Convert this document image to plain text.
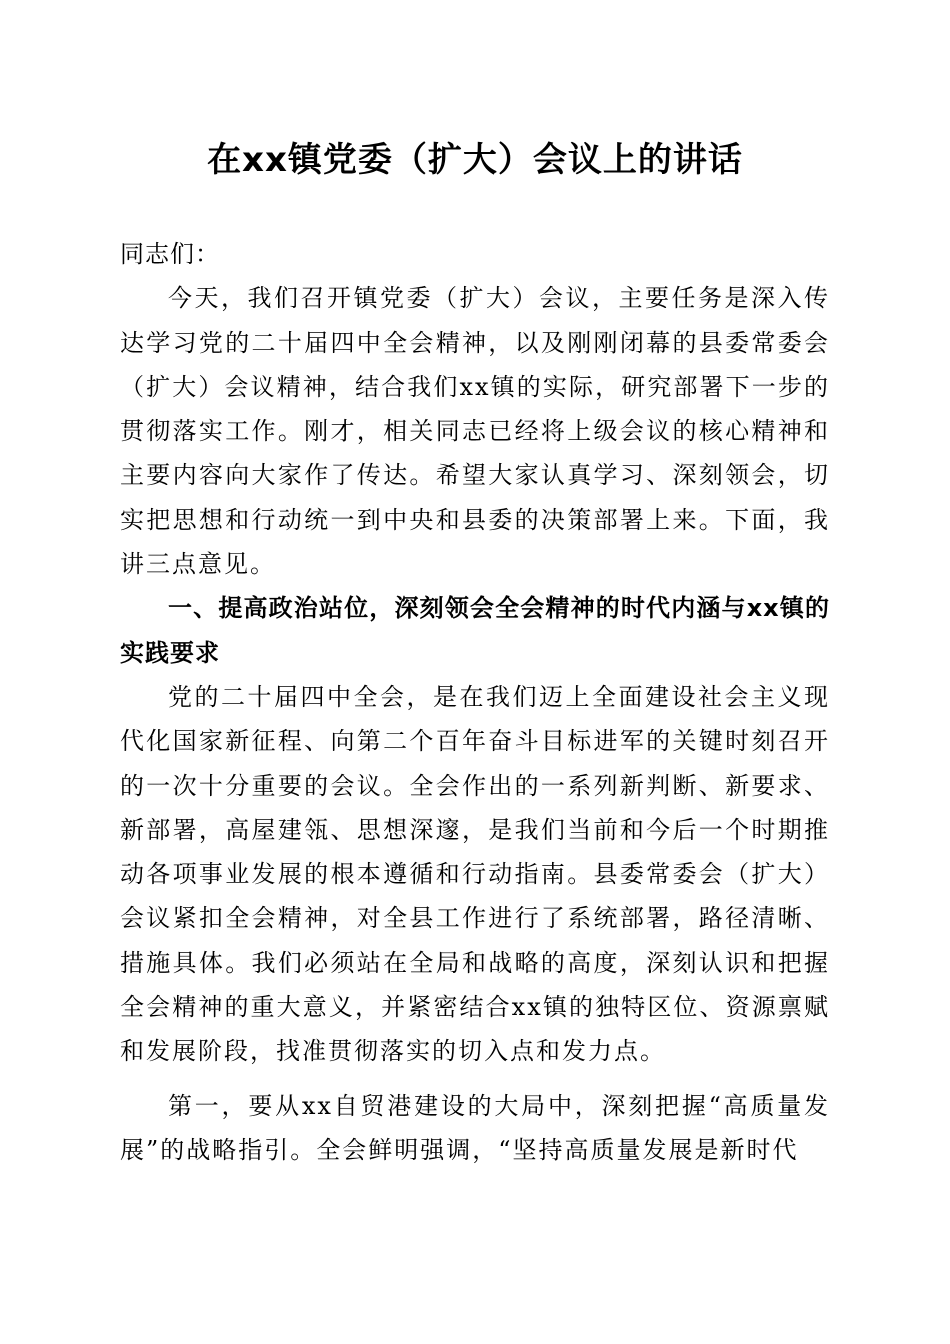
在xx镇党委（扩大）会议上的讲话

同志们：

今天，我们召开镇党委（扩大）会议，主要任务是深入传达学习党的二十届四中全会精神，以及刚刚闭幕的县委常委会（扩大）会议精神，结合我们xx镇的实际，研究部署下一步的贯彻落实工作。刚才，相关同志已经将上级会议的核心精神和主要内容向大家作了传达。希望大家认真学习、深刻领会，切实把思想和行动统一到中央和县委的决策部署上来。下面，我讲三点意见。

一、提高政治站位，深刻领会全会精神的时代内涵与xx镇的实践要求

党的二十届四中全会，是在我们迈上全面建设社会主义现代化国家新征程、向第二个百年奋斗目标进军的关键时刻召开的一次十分重要的会议。全会作出的一系列新判断、新要求、新部署，高屋建瓴、思想深邃，是我们当前和今后一个时期推动各项事业发展的根本遵循和行动指南。县委常委会（扩大）会议紧扣全会精神，对全县工作进行了系统部署，路径清晰、措施具体。我们必须站在全局和战略的高度，深刻认识和把握全会精神的重大意义，并紧密结合xx镇的独特区位、资源禀赋和发展阶段，找准贯彻落实的切入点和发力点。

第一，要从xx自贸港建设的大局中，深刻把握“高质量发展”的战略指引。全会鲜明强调，“坚持高质量发展是新时代
